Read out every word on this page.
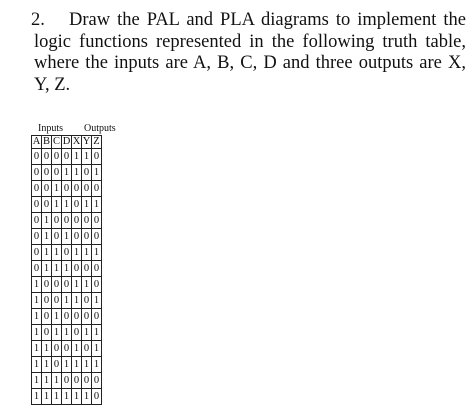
2. Draw the PAL and PLA diagrams to implement the
logic functions represented in the following truth table,
where the inputs are A, B, C, D and three outputs are X,
Y, Z.
Inputs Outputs
A	B	C	D	X	Y	Z
0	0	0	0	1	1	0
0	0	0	1	1	0	1
0	0	1	0	0	0	0
0	0	1	1	0	1	1
0	1	0	0	0	0	0
0	1	0	1	0	0	0
0	1	1	0	1	1	1
0	1	1	1	0	0	0
1	0	0	0	1	1	0
1	0	0	1	1	0	1
1	0	1	0	0	0	0
1	0	1	1	0	1	1
1	1	0	0	1	0	1
1	1	0	1	1	1	1
1	1	1	0	0	0	0
1	1	1	1	1	1	0
